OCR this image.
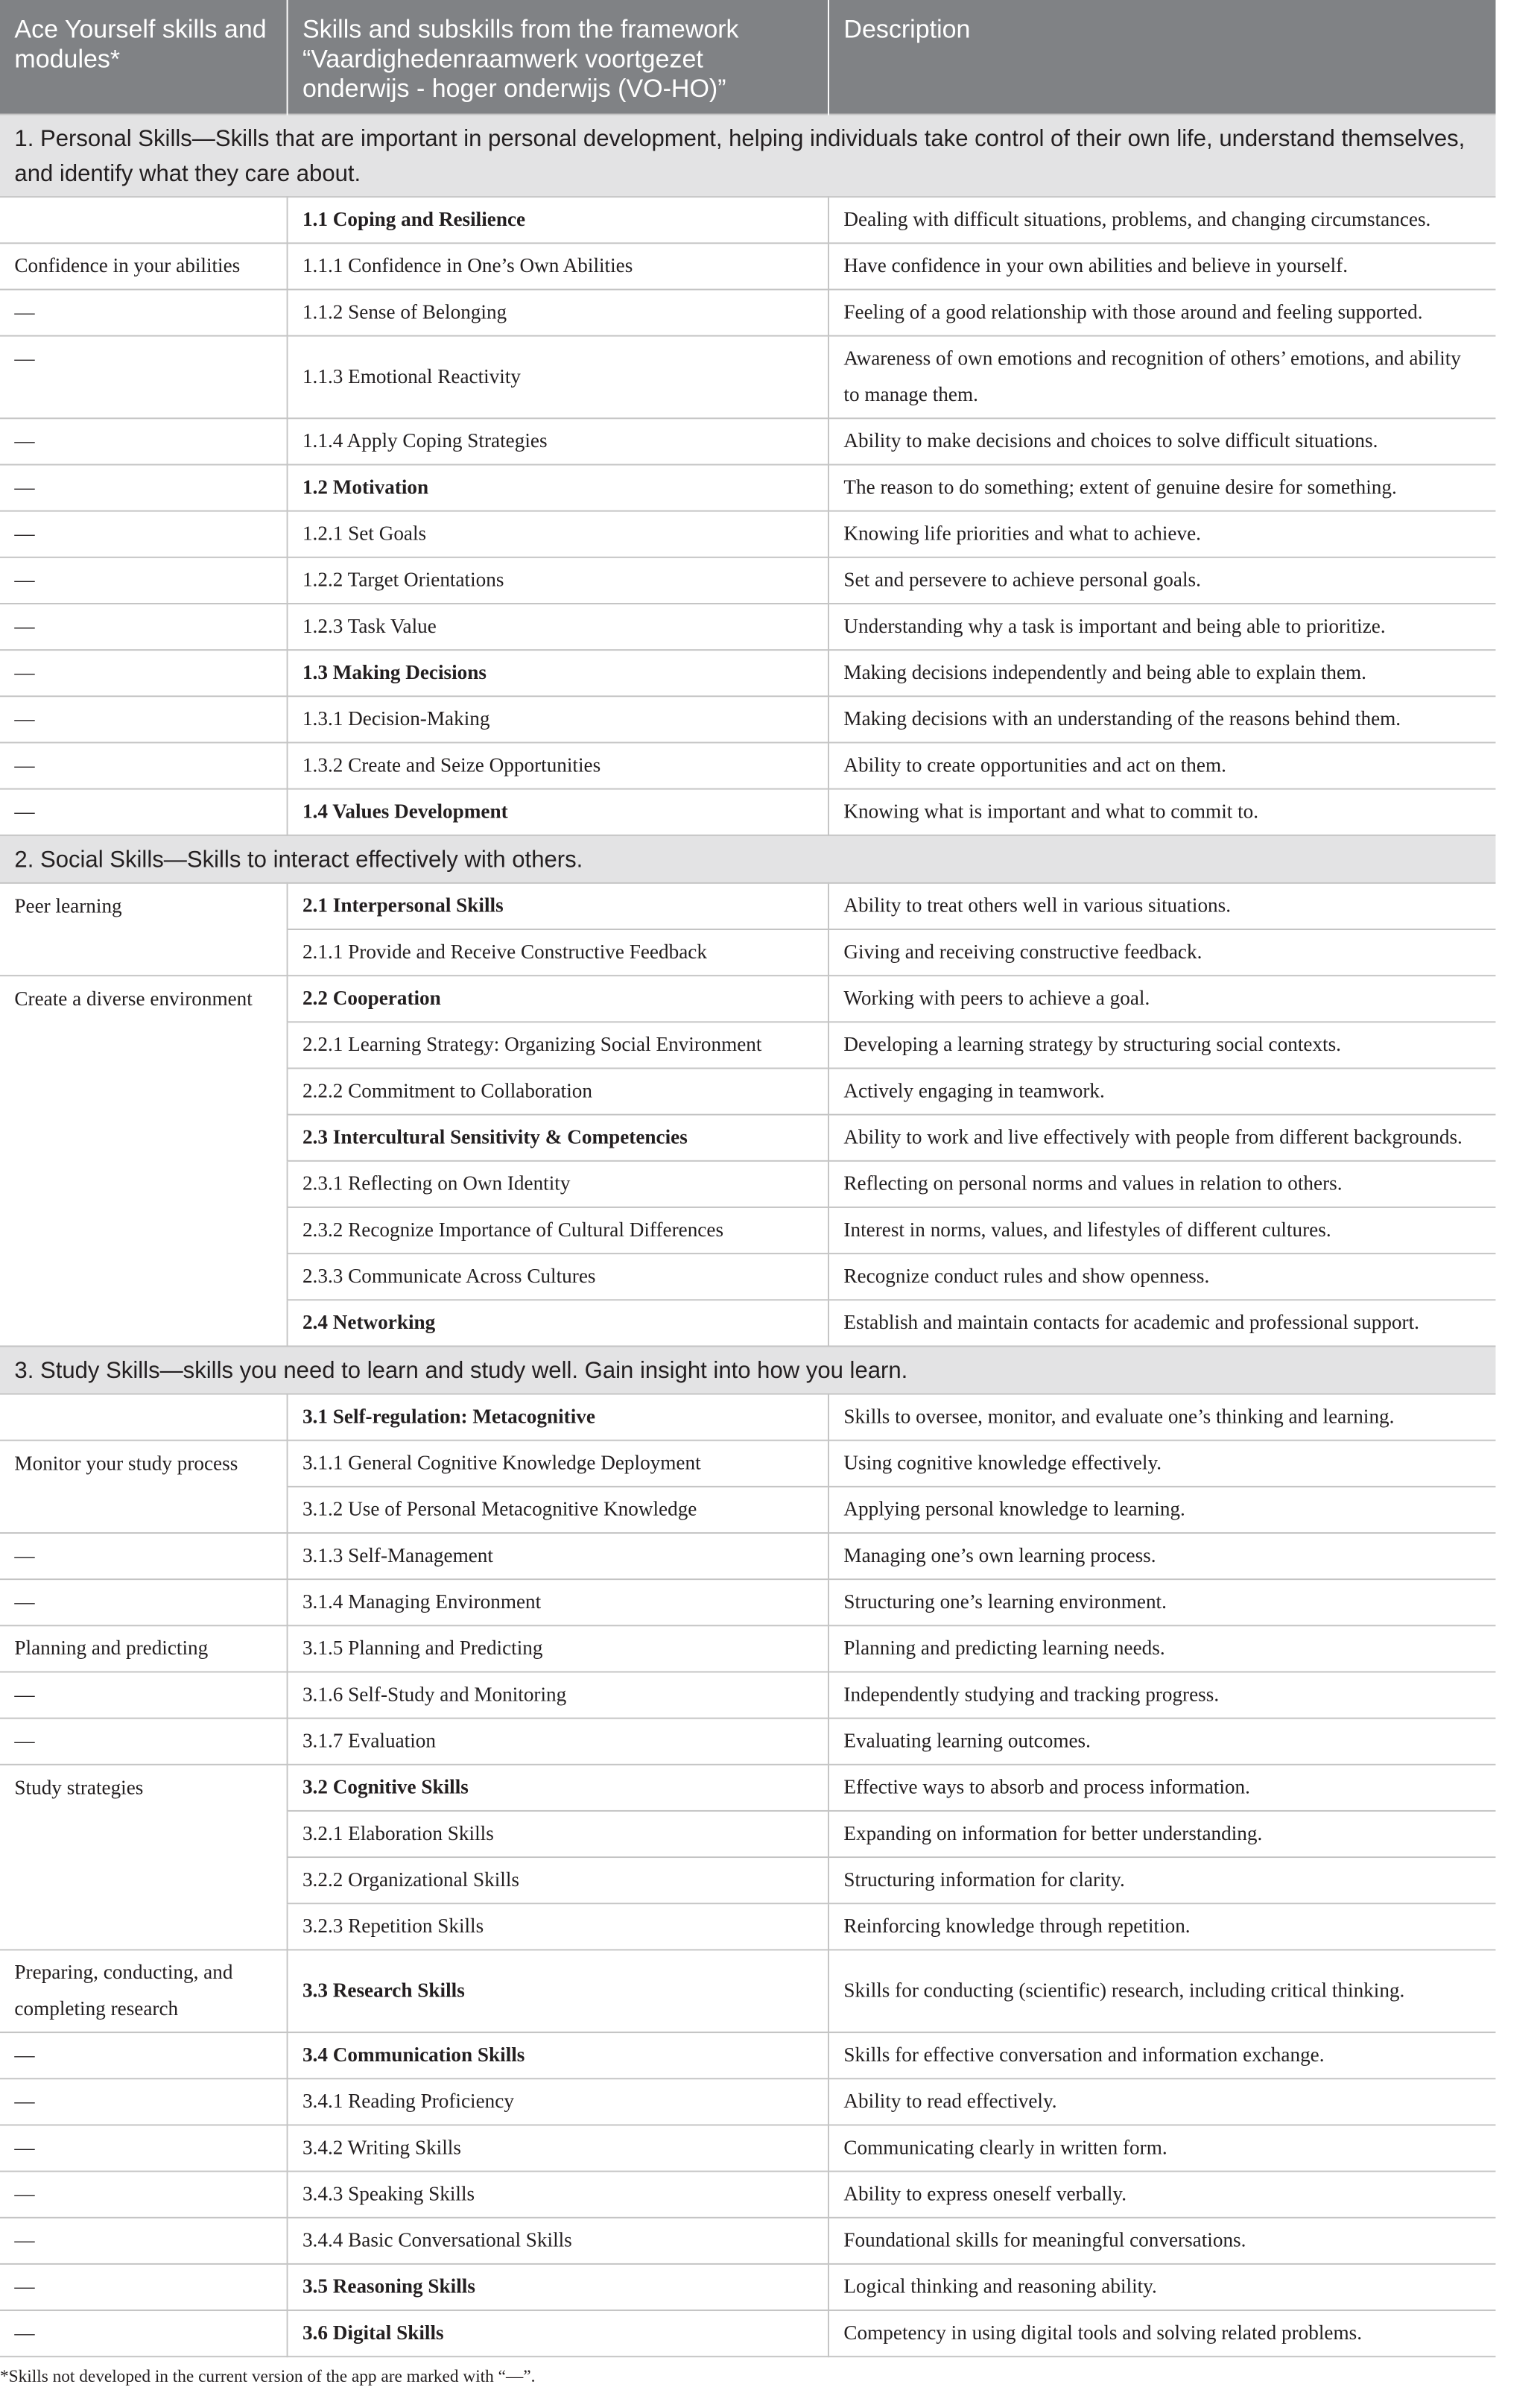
Ace Yourself skills and modules*	Skills and subskills from the framework “Vaardighedenraamwerk voortgezet onderwijs - hoger onderwijs (VO-HO)”	Description
1. Personal Skills—Skills that are important in personal development, helping individuals take control of their own life, understand themselves, and identify what they care about.		
	1.1 Coping and Resilience	Dealing with difficult situations, problems, and changing circumstances.
Confidence in your abilities	1.1.1 Confidence in One’s Own Abilities	Have confidence in your own abilities and believe in yourself.
—	1.1.2 Sense of Belonging	Feeling of a good relationship with those around and feeling supported.
—	1.1.3 Emotional Reactivity	Awareness of own emotions and recognition of others’ emotions, and ability to manage them.
—	1.1.4 Apply Coping Strategies	Ability to make decisions and choices to solve difficult situations.
—	1.2 Motivation	The reason to do something; extent of genuine desire for something.
—	1.2.1 Set Goals	Knowing life priorities and what to achieve.
—	1.2.2 Target Orientations	Set and persevere to achieve personal goals.
—	1.2.3 Task Value	Understanding why a task is important and being able to prioritize.
—	1.3 Making Decisions	Making decisions independently and being able to explain them.
—	1.3.1 Decision-Making	Making decisions with an understanding of the reasons behind them.
—	1.3.2 Create and Seize Opportunities	Ability to create opportunities and act on them.
—	1.4 Values Development	Knowing what is important and what to commit to.
2. Social Skills—Skills to interact effectively with others.		
Peer learning	2.1 Interpersonal Skills	Ability to treat others well in various situations.
	2.1.1 Provide and Receive Constructive Feedback	Giving and receiving constructive feedback.
Create a diverse environment	2.2 Cooperation	Working with peers to achieve a goal.
	2.2.1 Learning Strategy: Organizing Social Environment	Developing a learning strategy by structuring social contexts.
	2.2.2 Commitment to Collaboration	Actively engaging in teamwork.
	2.3 Intercultural Sensitivity & Competencies	Ability to work and live effectively with people from different backgrounds.
	2.3.1 Reflecting on Own Identity	Reflecting on personal norms and values in relation to others.
	2.3.2 Recognize Importance of Cultural Differences	Interest in norms, values, and lifestyles of different cultures.
	2.3.3 Communicate Across Cultures	Recognize conduct rules and show openness.
	2.4 Networking	Establish and maintain contacts for academic and professional support.
3. Study Skills—skills you need to learn and study well. Gain insight into how you learn.		
	3.1 Self-regulation: Metacognitive	Skills to oversee, monitor, and evaluate one’s thinking and learning.
Monitor your study process	3.1.1 General Cognitive Knowledge Deployment	Using cognitive knowledge effectively.
	3.1.2 Use of Personal Metacognitive Knowledge	Applying personal knowledge to learning.
—	3.1.3 Self-Management	Managing one’s own learning process.
—	3.1.4 Managing Environment	Structuring one’s learning environment.
Planning and predicting	3.1.5 Planning and Predicting	Planning and predicting learning needs.
—	3.1.6 Self-Study and Monitoring	Independently studying and tracking progress.
—	3.1.7 Evaluation	Evaluating learning outcomes.
Study strategies	3.2 Cognitive Skills	Effective ways to absorb and process information.
	3.2.1 Elaboration Skills	Expanding on information for better understanding.
	3.2.2 Organizational Skills	Structuring information for clarity.
	3.2.3 Repetition Skills	Reinforcing knowledge through repetition.
Preparing, conducting, and completing research	3.3 Research Skills	Skills for conducting (scientific) research, including critical thinking.
—	3.4 Communication Skills	Skills for effective conversation and information exchange.
—	3.4.1 Reading Proficiency	Ability to read effectively.
—	3.4.2 Writing Skills	Communicating clearly in written form.
—	3.4.3 Speaking Skills	Ability to express oneself verbally.
—	3.4.4 Basic Conversational Skills	Foundational skills for meaningful conversations.
—	3.5 Reasoning Skills	Logical thinking and reasoning ability.
—	3.6 Digital Skills	Competency in using digital tools and solving related problems.
*Skills not developed in the current version of the app are marked with “—”.
